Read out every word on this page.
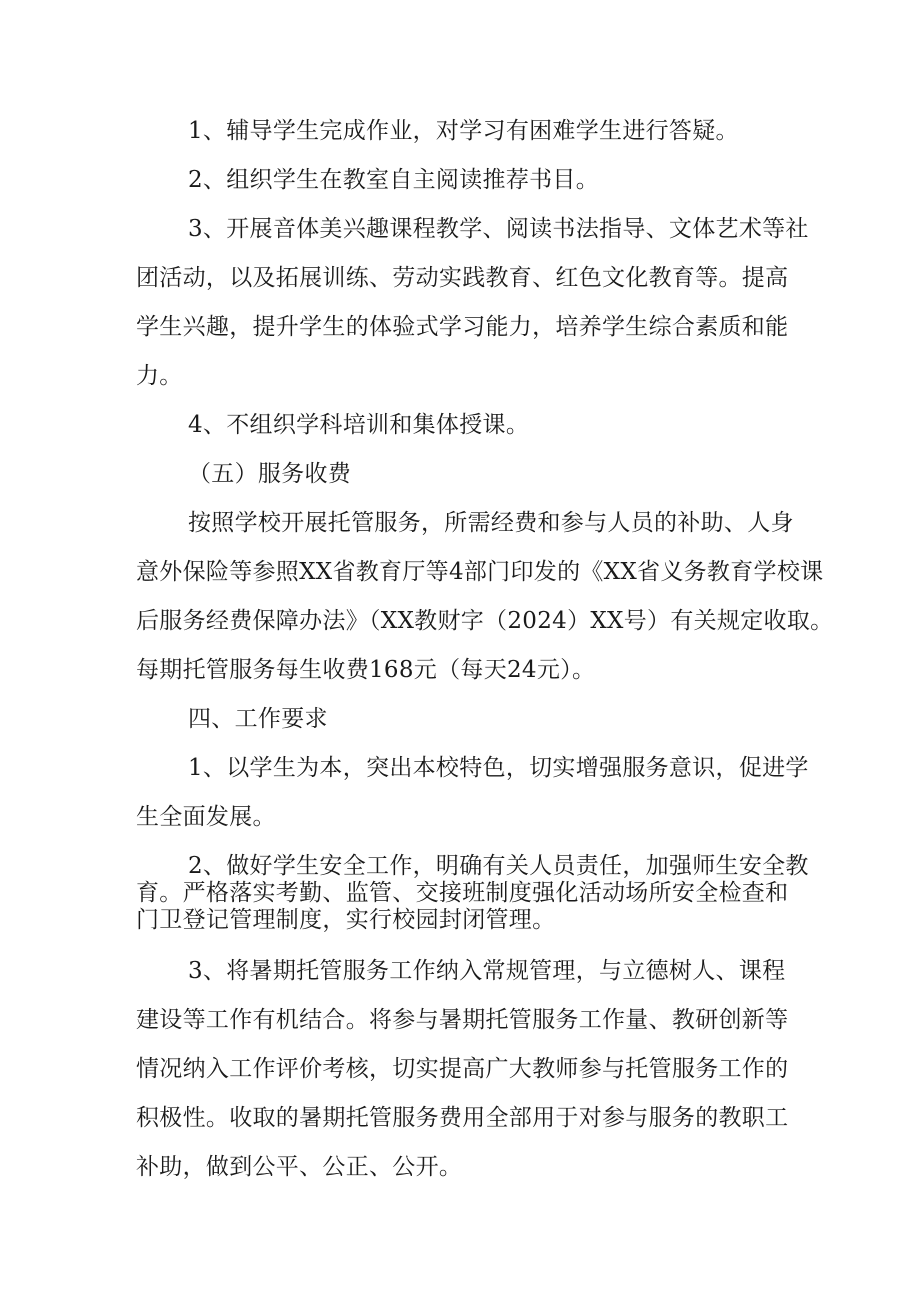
1、辅导学生完成作业，对学习有困难学生进行答疑。
2、组织学生在教室自主阅读推荐书目。
3、开展音体美兴趣课程教学、阅读书法指导、文体艺术等社
团活动，以及拓展训练、劳动实践教育、红色文化教育等。提高
学生兴趣，提升学生的体验式学习能力，培养学生综合素质和能
力。
4、不组织学科培训和集体授课。
（五）服务收费
按照学校开展托管服务，所需经费和参与人员的补助、人身
意外保险等参照XX省教育厅等4部门印发的《XX省义务教育学校课
后服务经费保障办法》（XX教财字（2024）XX号）有关规定收取。
每期托管服务每生收费168元（每天24元）。
四、工作要求
1、以学生为本，突出本校特色，切实增强服务意识，促进学
生全面发展。
2、做好学生安全工作，明确有关人员责任，加强师生安全教
育。严格落实考勤、监管、交接班制度强化活动场所安全检查和
门卫登记管理制度，实行校园封闭管理。
3、将暑期托管服务工作纳入常规管理，与立德树人、课程
建设等工作有机结合。将参与暑期托管服务工作量、教研创新等
情况纳入工作评价考核，切实提高广大教师参与托管服务工作的
积极性。收取的暑期托管服务费用全部用于对参与服务的教职工
补助，做到公平、公正、公开。
